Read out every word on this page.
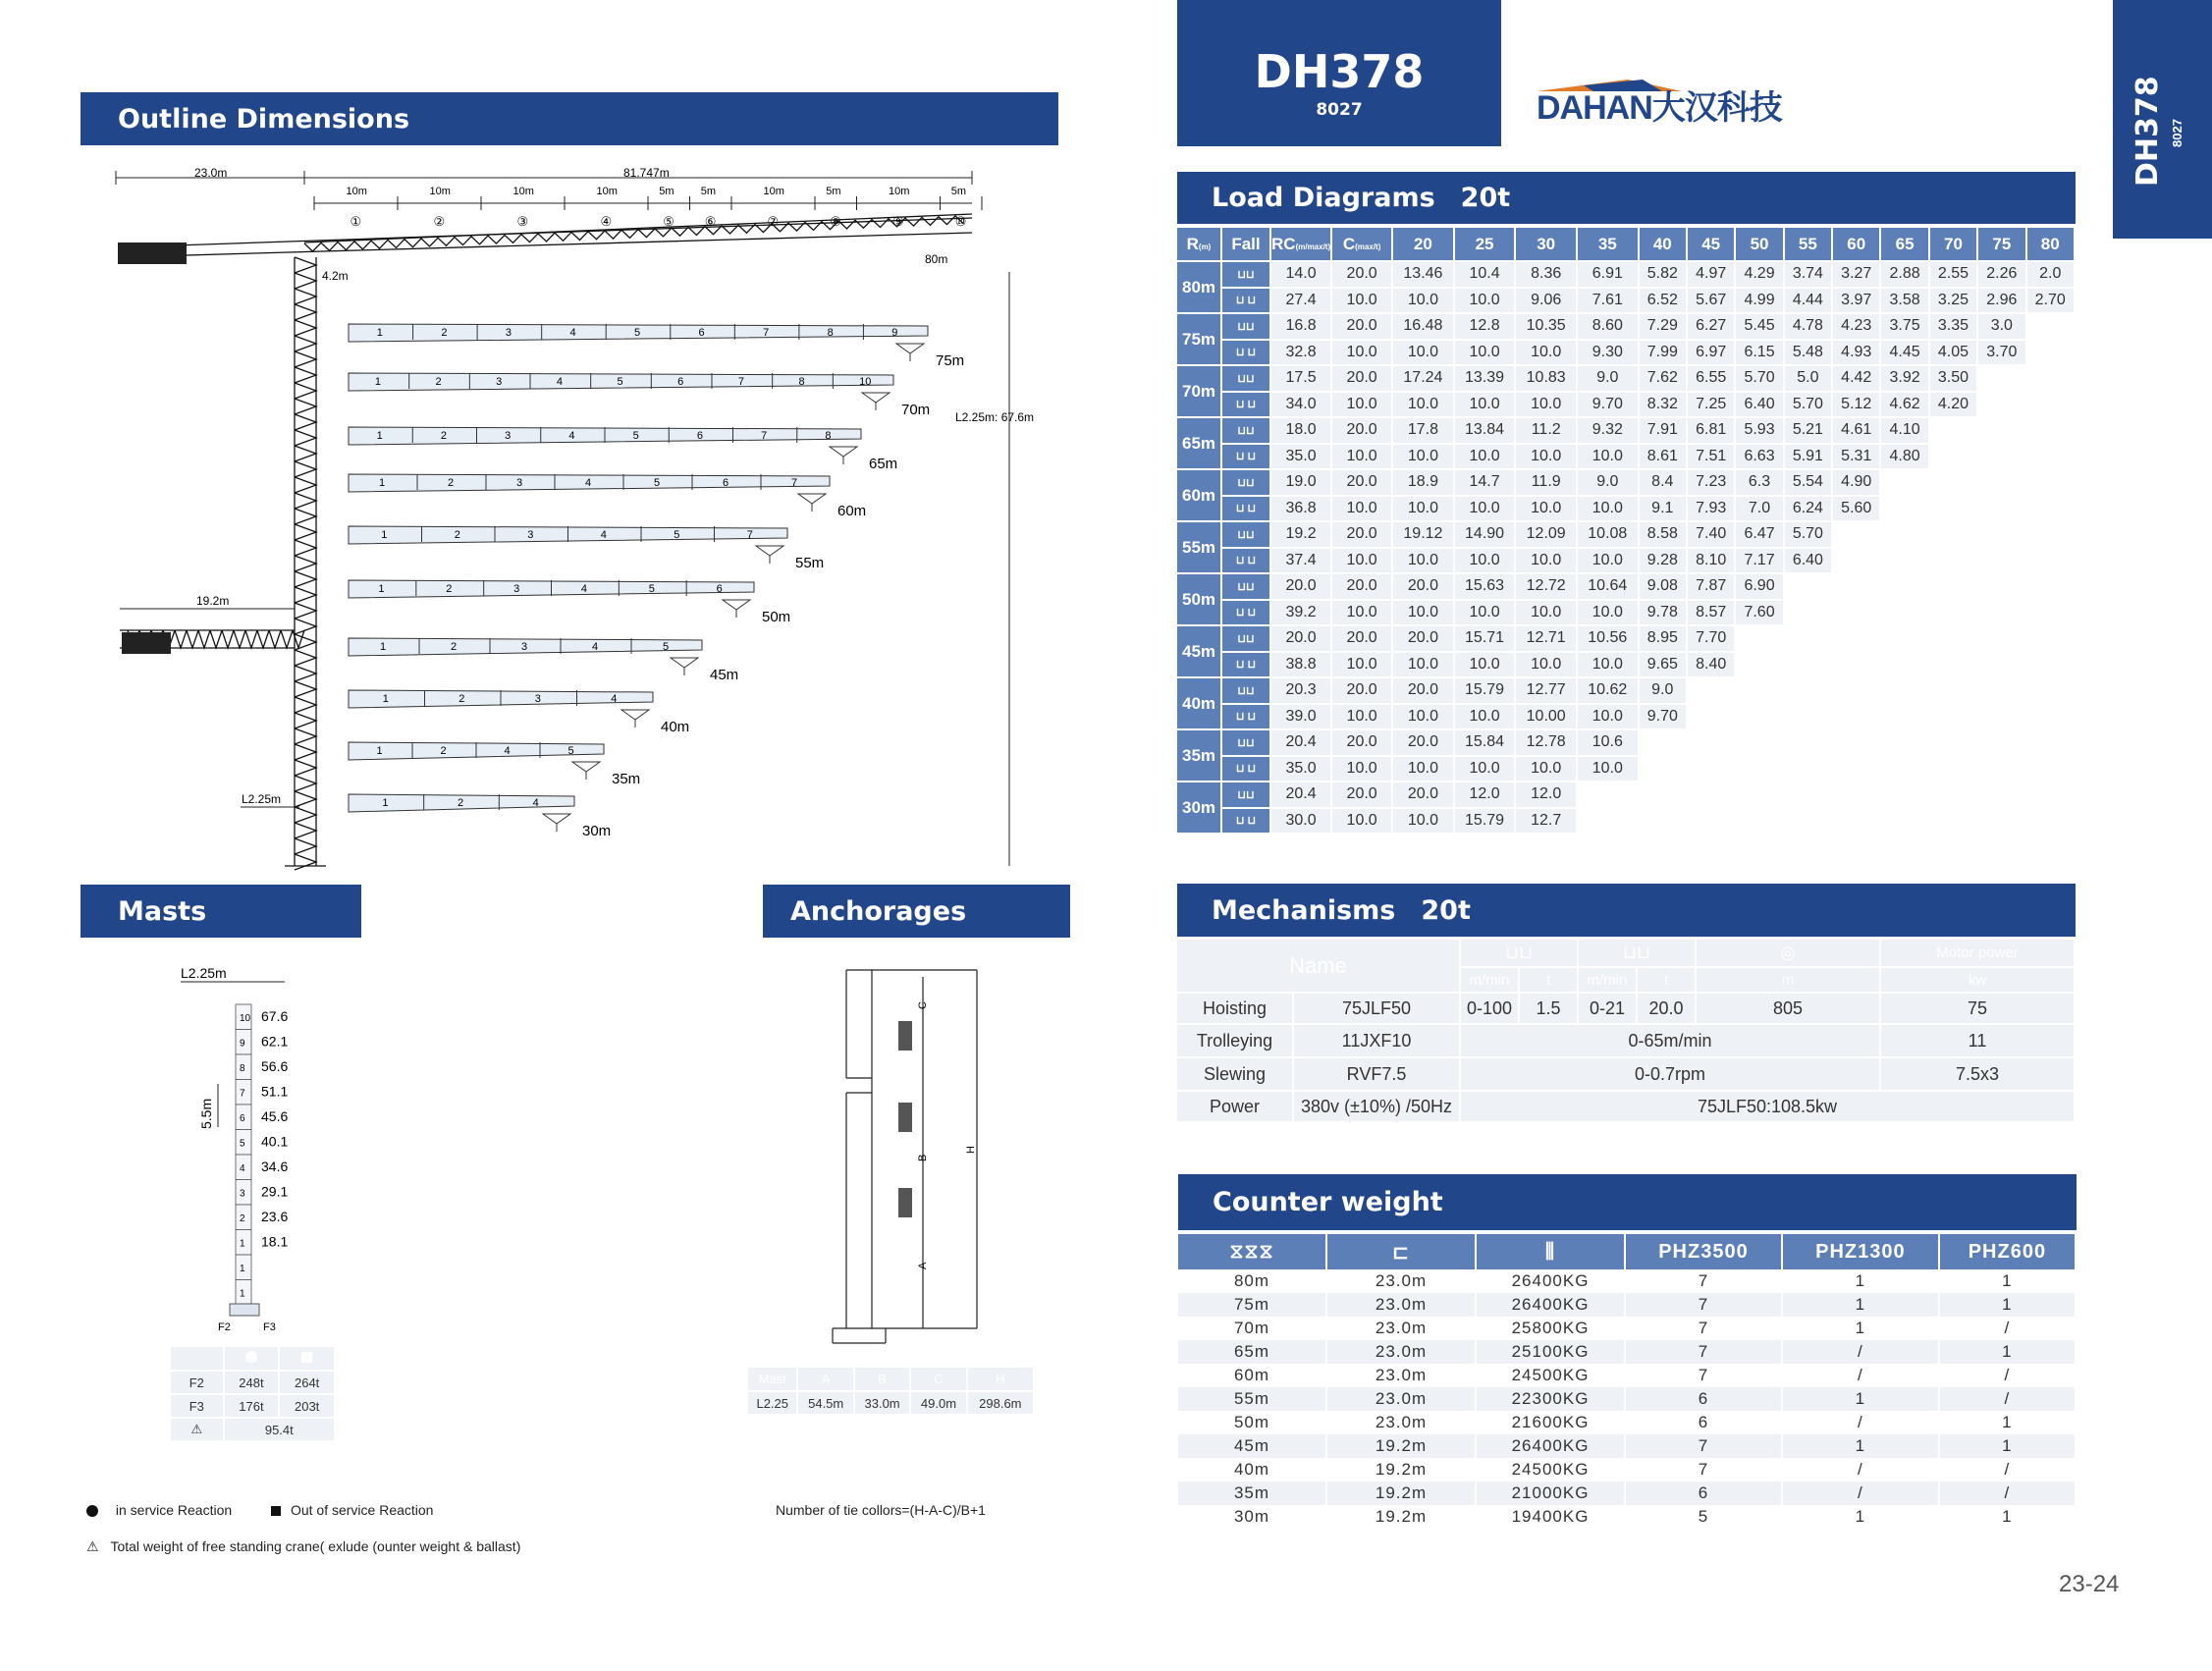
Outline Dimensions
Masts	Anchorages
DH378
8027	DAHAN大汉科技	DH378 8027
23.0m	81.747m
10m
①
10m
②
10m
③
10m
④
5m
⑤
5m
⑥
10m
⑦
5m
⑧
10m
⑨
5m
⑩
80m
4.2m
L2.25m: 67.6m
19.2m
L2.25m
1	2	3	4	5	6	7	8	9
75m
1	2	3	4	5	6	7	8	10
70m
1	2	3	4	5	6	7	8
65m
1	2	3	4	5	6	7
60m
1	2	3	4	5	7
55m
1	2	3	4	5	6
50m
1	2	3	4	5
45m
1	2	3	4
40m
1	2	4	5
35m
1	2	4
30m
L2.25m
5.5m
10 67.6
9 62.1
8 56.6
7 51.1
6 45.6
5 40.1
4 34.6
3 29.1
2 23.6
1 18.1
1
1
F2	F3

F2	248t	264t
F3	176t	203t
⚠	95.4t	
C
B
A
H
Mast	A	B	C	H
L2.25	54.5m	33.0m	49.0m	298.6m
in service Reaction	Out of service Reaction
⚠ Total weight of free standing crane( exlude (ounter weight & ballast)
Number of tie collors=(H-A-C)/B+1
Load Diagrams 20t
R(m)	Fall	RC(m/max/t)	C(max/t)	20	25	30	35	40	45	50	55	60	65	70	75	80
80m	⊔⊔	14.0	20.0	13.46	10.4	8.36	6.91	5.82	4.97	4.29	3.74	3.27	2.88	2.55	2.26	2.0
	⊔ ⊔	27.4	10.0	10.0	10.0	9.06	7.61	6.52	5.67	4.99	4.44	3.97	3.58	3.25	2.96	2.70
75m	⊔⊔	16.8	20.0	16.48	12.8	10.35	8.60	7.29	6.27	5.45	4.78	4.23	3.75	3.35	3.0	
	⊔ ⊔	32.8	10.0	10.0	10.0	10.0	9.30	7.99	6.97	6.15	5.48	4.93	4.45	4.05	3.70	
70m	⊔⊔	17.5	20.0	17.24	13.39	10.83	9.0	7.62	6.55	5.70	5.0	4.42	3.92	3.50		
	⊔ ⊔	34.0	10.0	10.0	10.0	10.0	9.70	8.32	7.25	6.40	5.70	5.12	4.62	4.20		
65m	⊔⊔	18.0	20.0	17.8	13.84	11.2	9.32	7.91	6.81	5.93	5.21	4.61	4.10			
	⊔ ⊔	35.0	10.0	10.0	10.0	10.0	10.0	8.61	7.51	6.63	5.91	5.31	4.80			
60m	⊔⊔	19.0	20.0	18.9	14.7	11.9	9.0	8.4	7.23	6.3	5.54	4.90				
	⊔ ⊔	36.8	10.0	10.0	10.0	10.0	10.0	9.1	7.93	7.0	6.24	5.60				
55m	⊔⊔	19.2	20.0	19.12	14.90	12.09	10.08	8.58	7.40	6.47	5.70					
	⊔ ⊔	37.4	10.0	10.0	10.0	10.0	10.0	9.28	8.10	7.17	6.40					
50m	⊔⊔	20.0	20.0	20.0	15.63	12.72	10.64	9.08	7.87	6.90						
	⊔ ⊔	39.2	10.0	10.0	10.0	10.0	10.0	9.78	8.57	7.60						
45m	⊔⊔	20.0	20.0	20.0	15.71	12.71	10.56	8.95	7.70							
	⊔ ⊔	38.8	10.0	10.0	10.0	10.0	10.0	9.65	8.40							
40m	⊔⊔	20.3	20.0	20.0	15.79	12.77	10.62	9.0								
	⊔ ⊔	39.0	10.0	10.0	10.0	10.00	10.0	9.70								
35m	⊔⊔	20.4	20.0	20.0	15.84	12.78	10.6									
	⊔ ⊔	35.0	10.0	10.0	10.0	10.0	10.0									
30m	⊔⊔	20.4	20.0	20.0	12.0	12.0										
	⊔ ⊔	30.0	10.0	10.0	15.79	12.7										
Mechanisms 20t
Name		⊔⊔		⊔⊔		◎	Motor power
		m/min	t	m/min	t	m	kw
Hoisting	75JLF50	0-100	1.5	0-21	20.0	805	75
Trolleying	11JXF10	0-65m/min					11
Slewing	RVF7.5	0-0.7rpm					7.5x3
Power	380v (±10%) /50Hz	75JLF50:108.5kw					
Counter weight
⧖⧖⧖	⊏	⫼	PHZ3500	PHZ1300	PHZ600
80m	23.0m	26400KG	7	1	1
75m	23.0m	26400KG	7	1	1
70m	23.0m	25800KG	7	1	/
65m	23.0m	25100KG	7	/	1
60m	23.0m	24500KG	7	/	/
55m	23.0m	22300KG	6	1	/
50m	23.0m	21600KG	6	/	1
45m	19.2m	26400KG	7	1	1
40m	19.2m	24500KG	7	/	/
35m	19.2m	21000KG	6	/	/
30m	19.2m	19400KG	5	1	1
23-24
